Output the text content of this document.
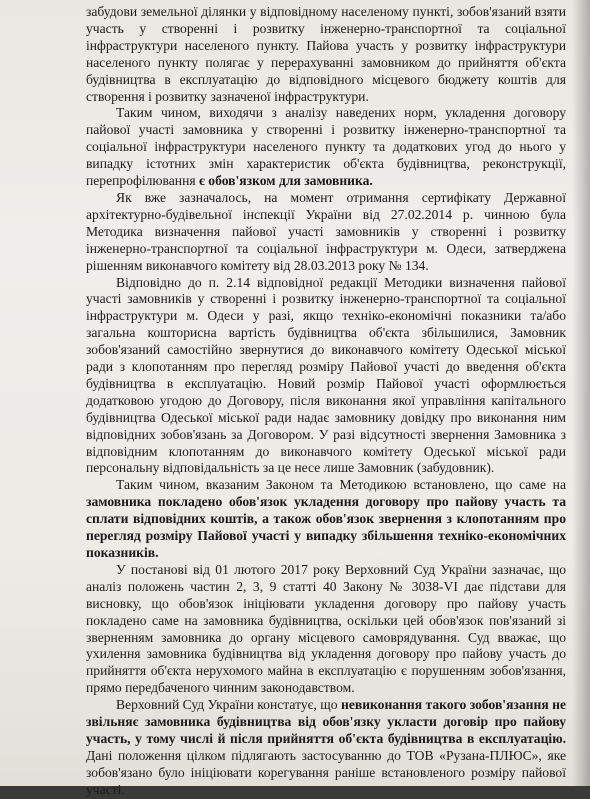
забудови земельної ділянки у відповідному населеному пункті, зобов'язаний взяти участь у створенні і розвитку інженерно-транспортної та соціальної інфраструктури населеного пункту. Пайова участь у розвитку інфраструктури населеного пункту полягає у перерахуванні замовником до прийняття об'єкта будівництва в експлуатацію до відповідного місцевого бюджету коштів для створення і розвитку зазначеної інфраструктури.

Таким чином, виходячи з аналізу наведених норм, укладення договору пайової участі замовника у створенні і розвитку інженерно-транспортної та соціальної інфраструктури населеного пункту та додаткових угод до нього у випадку істотних змін характеристик об'єкта будівництва, реконструкції, перепрофілювання є обов'язком для замовника.

Як вже зазначалось, на момент отримання сертифікату Державної архітектурно-будівельної інспекції України від 27.02.2014 р. чинною була Методика визначення пайової участі замовників у створенні і розвитку інженерно-транспортної та соціальної інфраструктури м. Одеси, затверджена рішенням виконавчого комітету від 28.03.2013 року № 134.

Відповідно до п. 2.14 відповідної редакції Методики визначення пайової участі замовників у створенні і розвитку інженерно-транспортної та соціальної інфраструктури м. Одеси у разі, якщо техніко-економічні показники та/або загальна кошторисна вартість будівництва об'єкта збільшилися, Замовник зобов'язаний самостійно звернутися до виконавчого комітету Одеської міської ради з клопотанням про перегляд розміру Пайової участі до введення об'єкта будівництва в експлуатацію. Новий розмір Пайової участі оформлюється додатковою угодою до Договору, після виконання якої управління капітального будівництва Одеської міської ради надає замовнику довідку про виконання ним відповідних зобов'язань за Договором. У разі відсутності звернення Замовника з відповідним клопотанням до виконавчого комітету Одеської міської ради персональну відповідальність за це несе лише Замовник (забудовник).

Таким чином, вказаним Законом та Методикою встановлено, що саме на замовника покладено обов'язок укладення договору про пайову участь та сплати відповідних коштів, а також обов'язок звернення з клопотанням про перегляд розміру Пайової участі у випадку збільшення техніко-економічних показників.

У постанові від 01 лютого 2017 року Верховний Суд України зазначає, що аналіз положень частин 2, 3, 9 статті 40 Закону № 3038-VI дає підстави для висновку, що обов'язок ініціювати укладення договору про пайову участь покладено саме на замовника будівництва, оскільки цей обов'язок пов'язаний зі зверненням замовника до органу місцевого самоврядування. Суд вважає, що ухилення замовника будівництва від укладення договору про пайову участь до прийняття об'єкта нерухомого майна в експлуатацію є порушенням зобов'язання, прямо передбаченого чинним законодавством.

Верховний Суд України констатує, що невиконання такого зобов'язання не звільняє замовника будівництва від обов'язку укласти договір про пайову участь, у тому числі й після прийняття об'єкта будівництва в експлуатацію. Дані положення цілком підлягають застосуванню до ТОВ «Рузана-ПЛЮС», яке зобов'язано було ініціювати корегування раніше встановленого розміру пайової участі.
